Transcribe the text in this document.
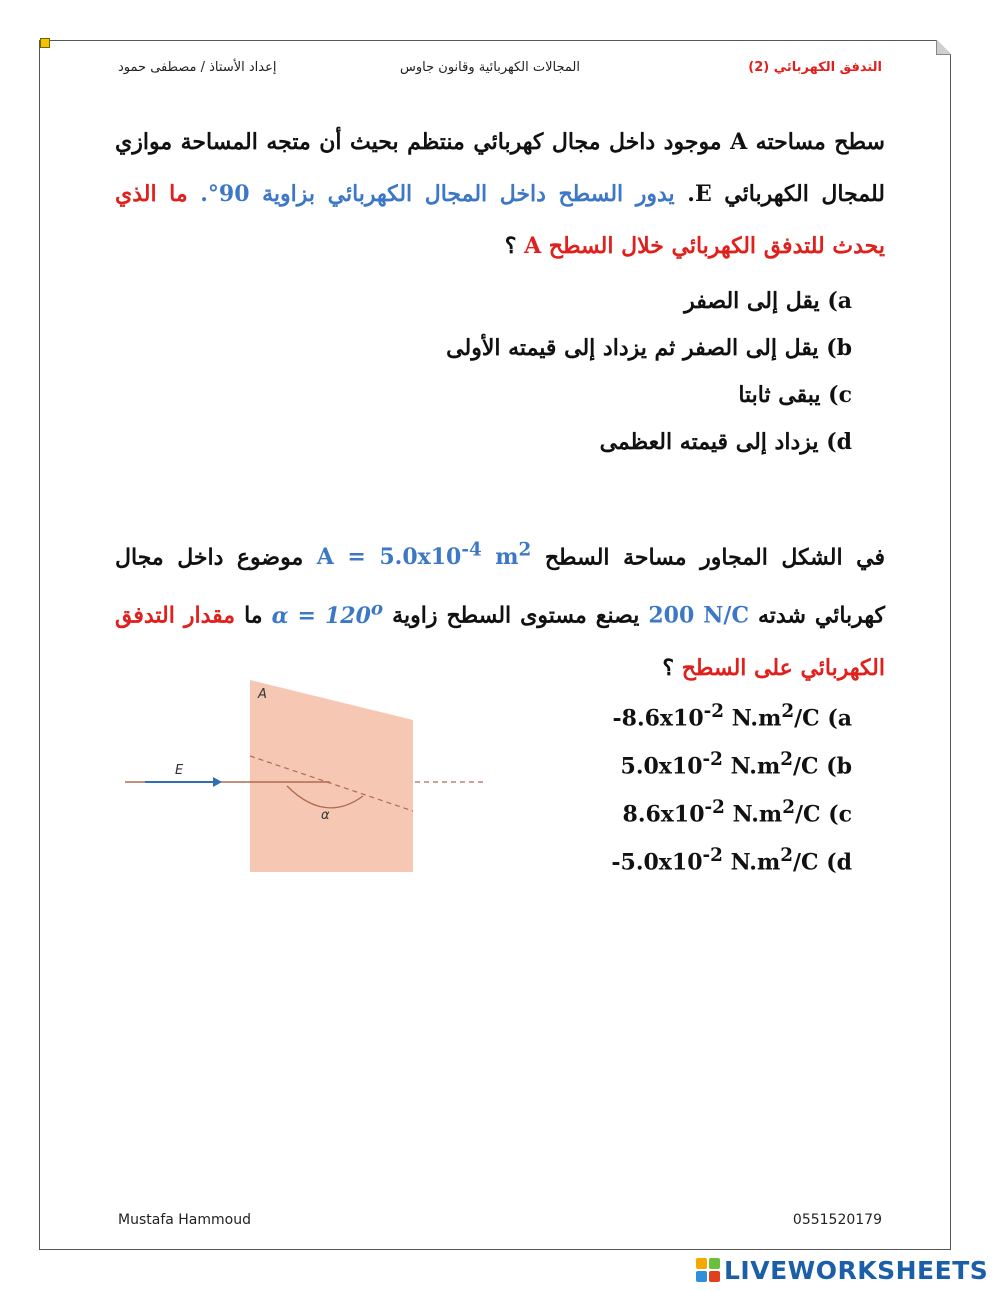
التدفق الكهربائي (2)
المجالات الكهربائية وقانون جاوس
إعداد الأستاذ / مصطفى حمود
سطح مساحته A موجود داخل مجال كهربائي منتظم بحيث أن متجه المساحة موازي للمجال الكهربائي E. يدور السطح داخل المجال الكهربائي بزاوية 90°. ما الذي يحدث للتدفق الكهربائي خلال السطح A ؟
a) يقل إلى الصفر
b) يقل إلى الصفر ثم يزداد إلى قيمته الأولى
c) يبقى ثابتا
d) يزداد إلى قيمته العظمى
في الشكل المجاور مساحة السطح $A = 5.0x10^{-4}$ $m^2$ موضوع داخل مجال كهربائي شدته 200 N/C يصنع مستوى السطح زاوية $\alpha = 120^o$ ما مقدار التدفق الكهربائي على السطح ؟
A
E
α
$-8.6x10^{-2}$ $N.m^2/C$ (a
$5.0x10^{-2}$ $N.m^2/C$ (b
$8.6x10^{-2}$ $N.m^2/C$ (c
$-5.0x10^{-2}$ $N.m^2/C$ (d
Mustafa Hammoud	0551520179
LIVEWORKSHEETS
